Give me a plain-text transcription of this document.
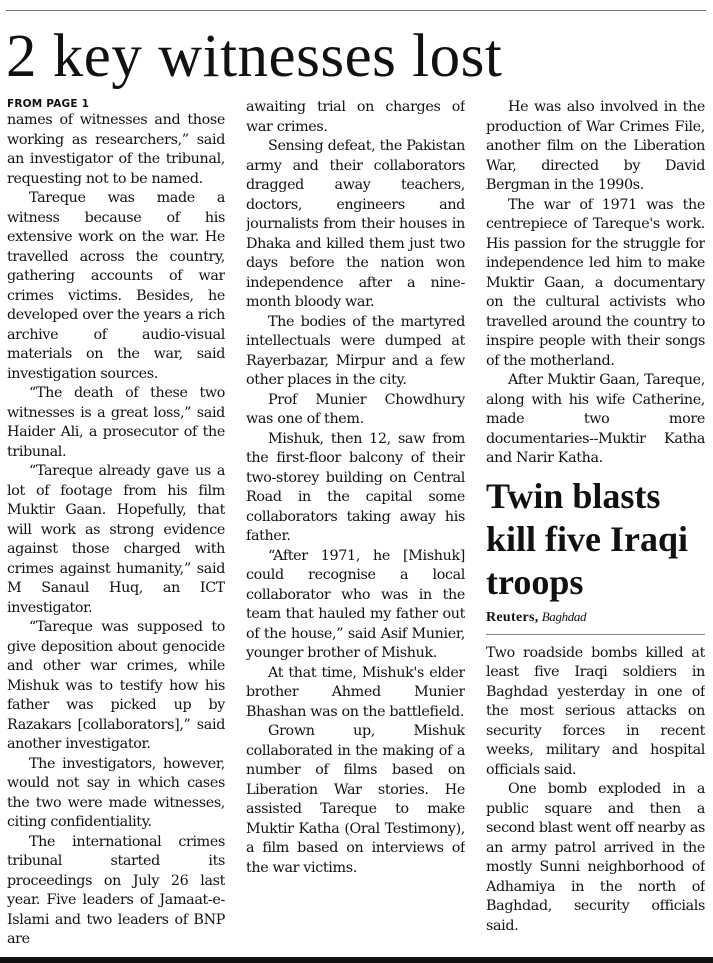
2 key witnesses lost
FROM PAGE 1

names of witnesses and those working as researchers,” said an investigator of the tribunal, requesting not to be named.

Tareque was made a witness because of his extensive work on the war. He travelled across the country, gathering accounts of war crimes victims. Besides, he developed over the years a rich archive of audio-visual materials on the war, said investigation sources.

“The death of these two witnesses is a great loss,” said Haider Ali, a prosecutor of the tribunal.

“Tareque already gave us a lot of footage from his film Muktir Gaan. Hopefully, that will work as strong evidence against those charged with crimes against humanity,” said M Sanaul Huq, an ICT investigator.

“Tareque was supposed to give deposition about genocide and other war crimes, while Mishuk was to testify how his father was picked up by Razakars [collaborators],” said another investigator.

The investigators, however, would not say in which cases the two were made witnesses, citing confidentiality.

The international crimes tribunal started its proceedings on July 26 last year. Five leaders of Jamaat-e-Islami and two leaders of BNP are

awaiting trial on charges of war crimes.

Sensing defeat, the Pakistan army and their collaborators dragged away teachers, doctors, engineers and journalists from their houses in Dhaka and killed them just two days before the nation won independence after a nine-month bloody war.

The bodies of the martyred intellectuals were dumped at Rayerbazar, Mirpur and a few other places in the city.

Prof Munier Chowdhury was one of them.

Mishuk, then 12, saw from the first-floor balcony of their two-storey building on Central Road in the capital some collaborators taking away his father.

“After 1971, he [Mishuk] could recognise a local collaborator who was in the team that hauled my father out of the house,” said Asif Munier, younger brother of Mishuk.

At that time, Mishuk's elder brother Ahmed Munier Bhashan was on the battlefield.

Grown up, Mishuk collaborated in the making of a number of films based on Liberation War stories. He assisted Tareque to make Muktir Katha (Oral Testimony), a film based on interviews of the war victims.

He was also involved in the production of War Crimes File, another film on the Liberation War, directed by David Bergman in the 1990s.

The war of 1971 was the centrepiece of Tareque's work. His passion for the struggle for independence led him to make Muktir Gaan, a documentary on the cultural activists who travelled around the country to inspire people with their songs of the motherland.

After Muktir Gaan, Tareque, along with his wife Catherine, made two more documentaries--Muktir Katha and Narir Katha.

Twin blasts kill five Iraqi troops
Reuters, Baghdad

Two roadside bombs killed at least five Iraqi soldiers in Baghdad yesterday in one of the most serious attacks on security forces in recent weeks, military and hospital officials said.

One bomb exploded in a public square and then a second blast went off nearby as an army patrol arrived in the mostly Sunni neighborhood of Adhamiya in the north of Baghdad, security officials said.
